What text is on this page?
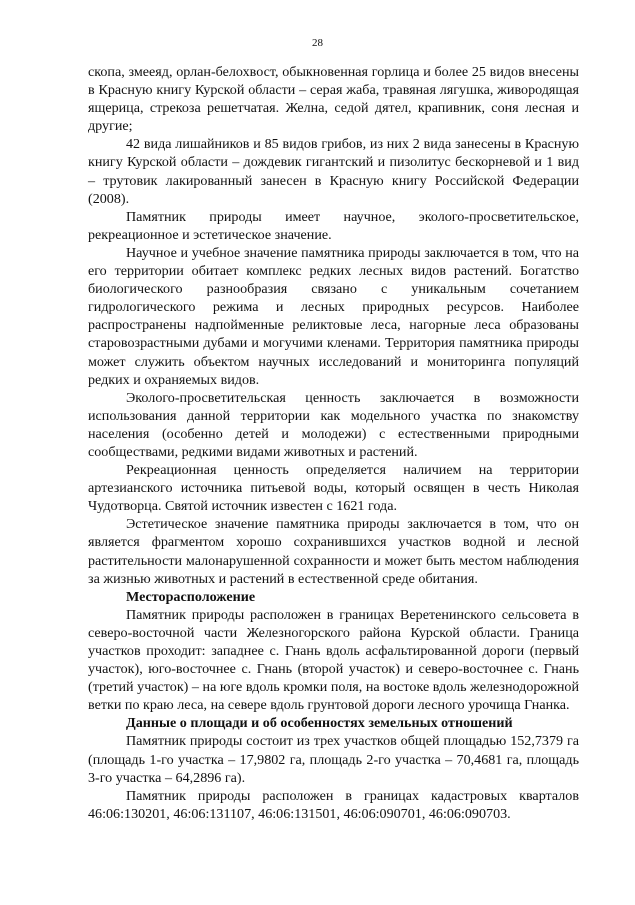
28

скопа, змееяд, орлан-белохвост, обыкновенная горлица и более 25 видов внесены в Красную книгу Курской области – серая жаба, травяная лягушка, живородящая ящерица, стрекоза решетчатая. Желна, седой дятел, крапивник, соня лесная и другие;

42 вида лишайников и 85 видов грибов, из них 2 вида занесены в Красную книгу Курской области – дождевик гигантский и пизолитус бескорневой и 1 вид – трутовик лакированный занесен в Красную книгу Российской Федерации (2008).

Памятник природы имеет научное, эколого-просветительское, рекреационное и эстетическое значение.

Научное и учебное значение памятника природы заключается в том, что на его территории обитает комплекс редких лесных видов растений. Богатство биологического разнообразия связано с уникальным сочетанием гидрологического режима и лесных природных ресурсов. Наиболее распространены надпойменные реликтовые леса, нагорные леса образованы старовозрастными дубами и могучими кленами. Территория памятника природы может служить объектом научных исследований и мониторинга популяций редких и охраняемых видов.

Эколого-просветительская ценность заключается в возможности использования данной территории как модельного участка по знакомству населения (особенно детей и молодежи) с естественными природными сообществами, редкими видами животных и растений.

Рекреационная ценность определяется наличием на территории артезианского источника питьевой воды, который освящен в честь Николая Чудотворца. Святой источник известен с 1621 года.

Эстетическое значение памятника природы заключается в том, что он является фрагментом хорошо сохранившихся участков водной и лесной растительности малонарушенной сохранности и может быть местом наблюдения за жизнью животных и растений в естественной среде обитания.

Месторасположение

Памятник природы расположен в границах Веретенинского сельсовета в северо-восточной части Железногорского района Курской области. Граница участков проходит: западнее с. Гнань вдоль асфальтированной дороги (первый участок), юго-восточнее с. Гнань (второй участок) и северо-восточнее с. Гнань (третий участок) – на юге вдоль кромки поля, на востоке вдоль железнодорожной ветки по краю леса, на севере вдоль грунтовой дороги лесного урочища Гнанка.

Данные о площади и об особенностях земельных отношений

Памятник природы состоит из трех участков общей площадью 152,7379 га (площадь 1-го участка – 17,9802 га, площадь 2-го участка – 70,4681 га, площадь 3-го участка – 64,2896 га).

Памятник природы расположен в границах кадастровых кварталов 46:06:130201, 46:06:131107, 46:06:131501, 46:06:090701, 46:06:090703.
